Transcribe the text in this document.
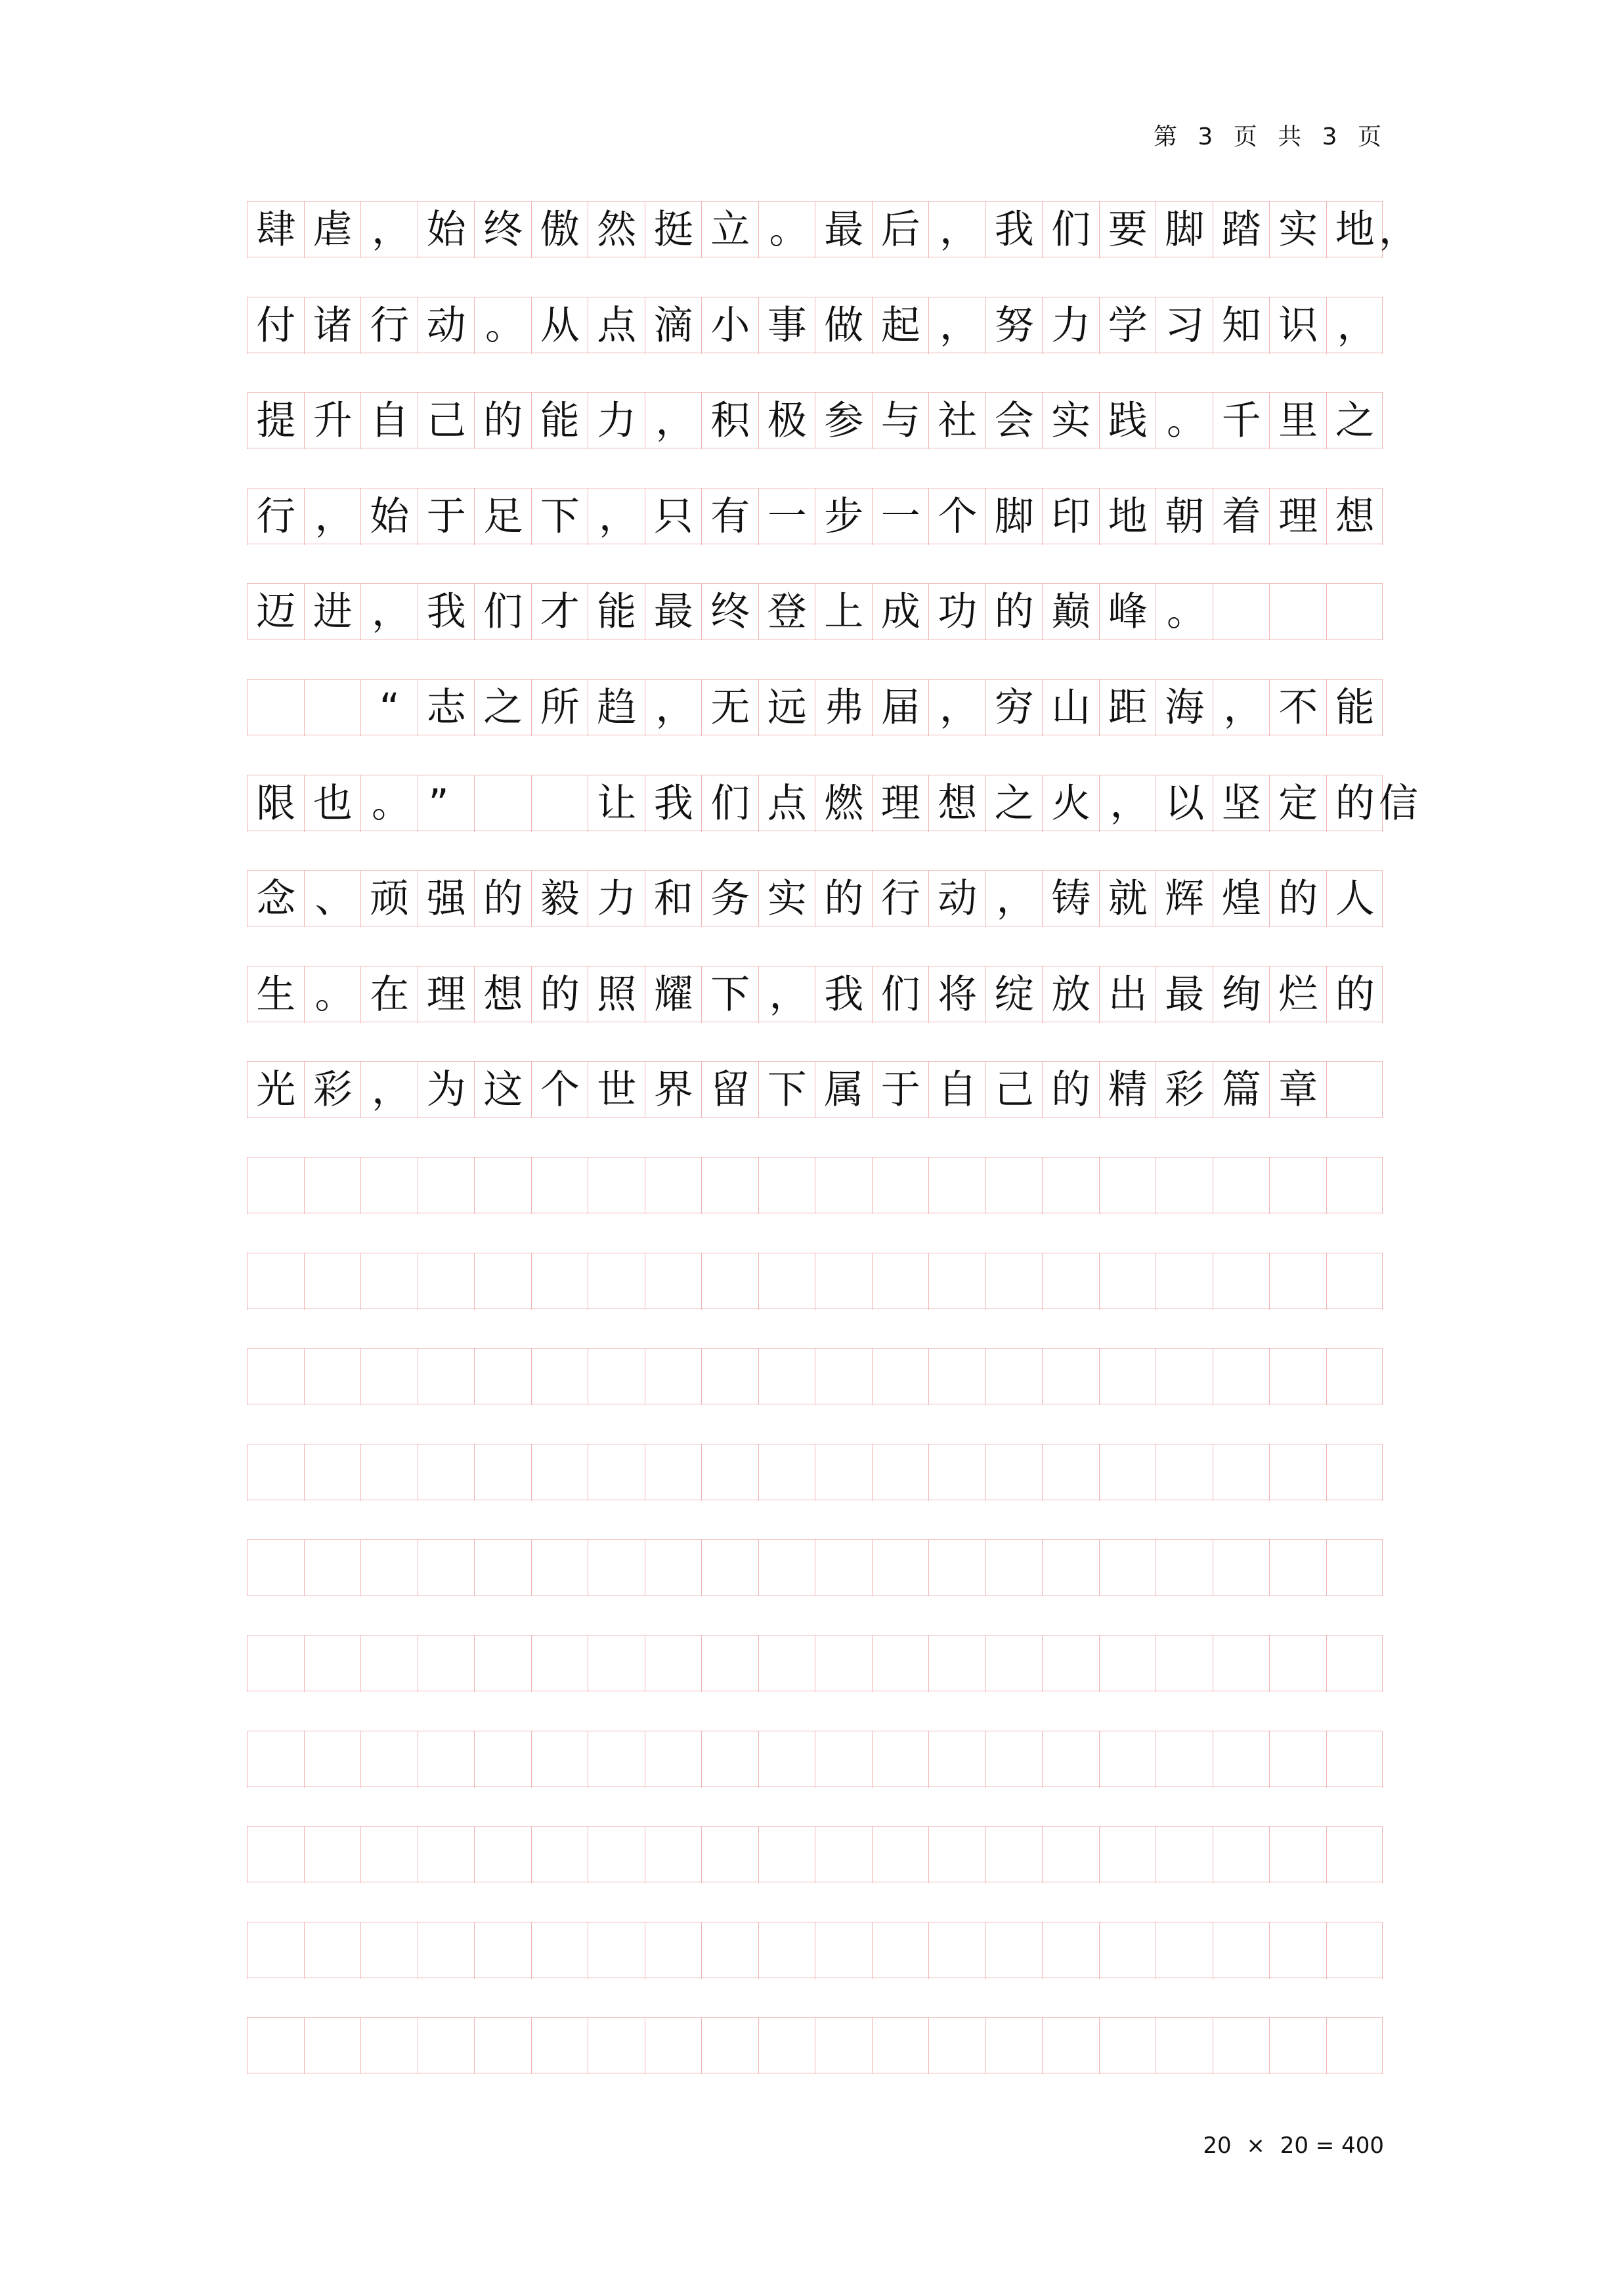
第 3 页 共 3 页
肆 虐 ， 始 终 傲 然 挺 立 。 最 后 ， 我 们 要 脚 踏 实 地 ，
付 诸 行 动 。 从 点 滴 小 事 做 起 ， 努 力 学 习 知 识 ，
提 升 自 己 的 能 力 ， 积 极 参 与 社 会 实 践 。 千 里 之
行 ， 始 于 足 下 ， 只 有 一 步 一 个 脚 印 地 朝 着 理 想
迈 进 ， 我 们 才 能 最 终 登 上 成 功 的 巅 峰 。
“ 志 之 所 趋 ， 无 远 弗 届 ， 穷 山 距 海 ， 不 能
限 也 。 ”	让 我 们 点 燃 理 想 之 火 ， 以 坚 定 的 信
念 、 顽 强 的 毅 力 和 务 实 的 行 动 ， 铸 就 辉 煌 的 人
生 。 在 理 想 的 照 耀 下 ， 我 们 将 绽 放 出 最 绚 烂 的
光 彩 ， 为 这 个 世 界 留 下 属 于 自 己 的 精 彩 篇 章
20 × 20 = 400
